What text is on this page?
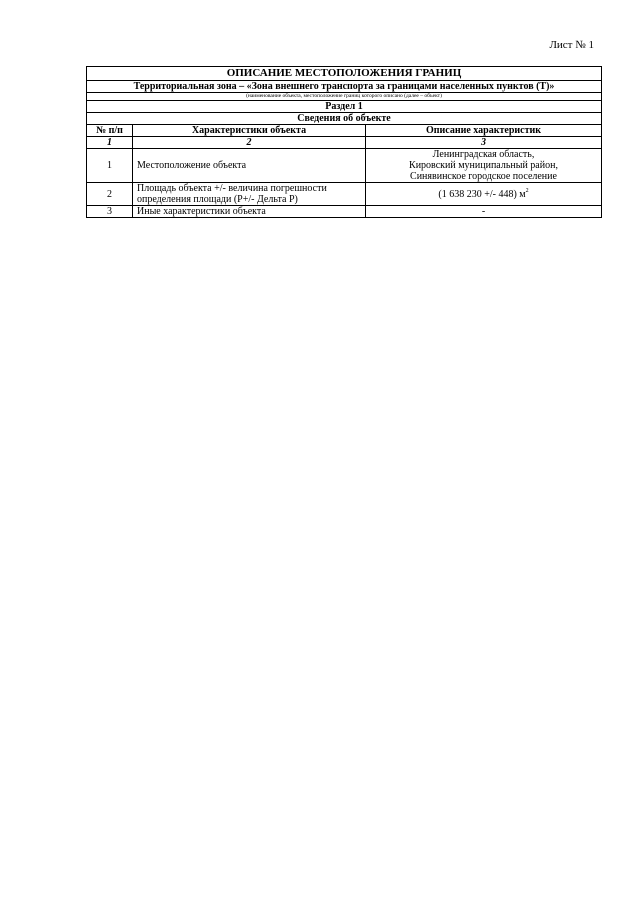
Лист № 1
ОПИСАНИЕ МЕСТОПОЛОЖЕНИЯ ГРАНИЦ		
Территориальная зона – «Зона внешнего транспорта за границами населенных пунктов (Т)»		
(наименование объекта, местоположение границ которого описано (далее – объект)		
Раздел 1		
Сведения об объекте		
№ п/п	Характеристики объекта	Описание характеристик
1	2	3
1	Местоположение объекта	Ленинградская область,
Кировский муниципальный район,
Синявинское городское поселение

2	Площадь объекта +/- величина погрешности
определения площади (Р+/- Дельта Р)	(1 638 230 +/- 448) $м^2$
3	Иные характеристики объекта	-
